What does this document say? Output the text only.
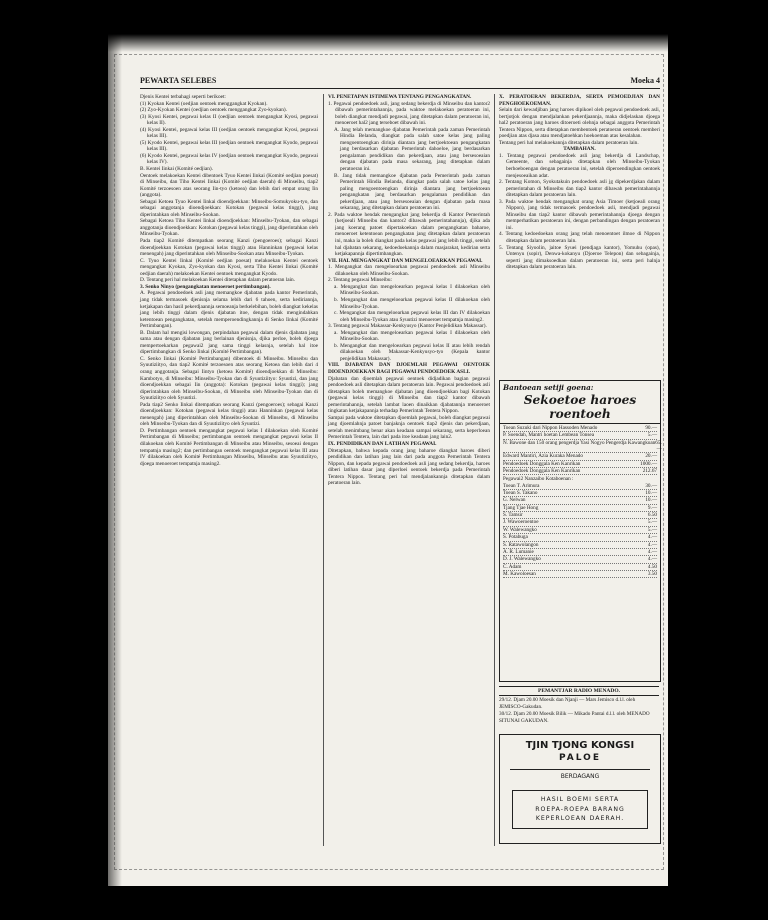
PEWARTA SELEBES	Moeka 4

Djenis Kentei terbahagi seperti berikoet:

(1) Kyokan Kentei (oedjian oentoek menggangkat Kyokan).

(2) Zyo-Kyokan Kentei (oedjian oentoek menggangkat Zyo-kyokan).

(3) Kyosi Kentei, pegawai kelas II (oedjian oentoek mengangkat Kyosi, pegawai kelas II).

(4) Kyosi Kentei, pegawai kelas III (oedjian oentoek mengangkat Kyosi, pegawai kelas III).

(5) Kyodo Kentei, pegawai kelas III (oedjian oentoek mengangkat Kyodo, pegawai kelas III).

(6) Kyodo Kentei, pegawai kelas IV (oedjian oentoek mengangkat Kyodo, pegawai kelas IV).

B. Kentei Iinkai (Komité oedjian).

Oentoek melakoekan Kentei dibentoek Tyuo Kentei Iinkai (Komité oedjian poesat) di Minseibu, dan Tiho Kentei Iinkai (Komité oedjian daerah) di Minseibu, tiap2 Komité terzoesoen atas seorang Iin-tyo (ketoea) dan lebih dari empat orang Iin (anggota).

Sebagai Ketoea Tyuo Kentei Iinkai dioendjoekkan: Minseibu-Somukyoku-tyo, dan sebagai anggotanja dioendjoekkan: Kotokan (pegawai kelas tinggi), jang diperintahkan oleh Minseibu-Sookan.

Sebagai Ketoea Tiho Kentei Iinkai dioendjoekkan: Minseibu-Tyokan, dan sebagai anggotanja dioendjoekkan: Kotokan (pegawai kelas tinggi), jang diperintahkan oleh Minseibu-Tyokan.

Pada tiap2 Komité ditempatkan seorang Kanzi (pengoeroes); sebagai Kanzi dioendjoekkan Kotokan (pegawai kelas tinggi) atau Hanninkan (pegawai kelas menengah) jang diperintahkan oleh Minseibu-Sookan atau Minseibu-Tyokan.

C. Tyuo Kentei Iinkai (Komité oedjian poesat) melakoekan Kentei oentoek mengangkat Kyokan, Zyo-kyokan dan Kyosi, serta Tiho Kentei Iinkai (Komité oedjian daerah) melakoekan Kentei oentoek mengangkat Kyodo.

D. Tentang peri hal melakoekan Kentei ditetapkan dalam peratoeran lain.

3. Senko Ninyo (pengangkatan menoeroet pertimbangan).

A. Pegawai pendoedoek asli jang memangkoe djabatan pada kantor Pemerintah, jang tidak termasoek djenisnja selama lebih dari 6 tahoen, serta kediriannja, ketjakapan dan hasil pekerdjaannja semoeanja berkelebihan, boleh diangkat kekelas jang lebih tinggi dalam djenis djabatan itoe, dengan tidak mengindahkan ketentoean pengangkatan, setelah memperoendingkannja di Senko Iinkai (Komité Pertimbangan).

B. Dalam hal mengisi lowongan, perpindahan pegawai dalam djenis djabatan jang sama atau dengan djabatan jang berlainan djenisnja, djika perloe, boleh djoega mempertoekarkan pegawai2 jang sama tinggi kelasnja, setelah hal itoe dipertimbangkan di Senko Iinkai (Komité Pertimbangan).

C. Senko Iinkai (Komité Pertimbangan) dibentoek di Minseibu. Minseibu dan Syuutiziityo, dan tiap2 Komité terzoesoen atas seorang Ketoea dan lebih dari 4 orang anggotanja. Sebagai Iintyo (ketoea Komité) dioendjoekkan di Minseibu: Kambotyo, di Minseibu: Minseibu-Tyokan dan di Syuutiziityo: Syuutizi, dan jang dioendjoekkan sebagai Iin (anggota): Kotokan (pegawai kelas tinggi); jang diperintahkan oleh Minseibu-Sookan, di Minseibu oleh Minseibu-Tyokan dan di Syuutiziityo oleh Syuutizi.

Pada tiap2 Senko Iinkai ditempatkan seorang Kanzi (pengoeroes); sebagai Kanzi dioendjoekkan: Kotokan (pegawai kelas tinggi) atau Hanninkan (pegawai kelas menengah) jang diperintahkan oleh Minseibu-Sookan di Minseibu, di Minseibu oleh Minseibu-Tyokan dan di Syuutiziityo oleh Syuutizi.

D. Pertimbangan oentoek mengangkat pegawai kelas I dilakoekan oleh Komité Pertimbangan di Minseibu; pertimbangan oentoek mengangkat pegawai kelas II dilakoekan oleh Komité Pertimbangan di Minseibu atau Minseibu, sesoeai dengan tempatnja masing2; dan pertimbangan oentoek mengangkat pegawai kelas III atau IV dilakoekan oleh Komité Pertimbangan Minseibu, Minseibu atau Syuutiziityo, djoega menoeroet tempatnja masing2.

VI. PENETAPAN ISTIMEWA TENTANG PENGANGKATAN.

1. Pegawai pendoedoek asli, jang sedang bekerdja di Minseibu dan kantor2 dibawah pemerintahannja, pada waktoe melakoekan peratoeran ini, boleh diangkat mendjadi pegawai, jang ditetapkan dalam peratoeran ini, menoeroet hal2 jang terseboet dibawah ini.

A. Jang telah memangkoe djabatan Pemerintah pada zaman Pemerintah Hindia Belanda, diangkat pada salah satoe kelas jang paling mengoentoengkan dirinja diantara jang bertjoektoean pengangkatan jang berdasarkan djabatan Pemerintah dahoeloe, jang berdasarkan pengalaman pendidikan dan pekerdjaan, atau jang bersesoeaian dengan djabatan pada masa sekarang, jang ditetapkan dalam peratoeran ini.

B. Jang tidak memangkoe djabatan pada Pemerintah pada zaman Pemerintah Hindia Belanda, diangkat pada salah satoe kelas jang paling mengoentoengkan dirinja diantara jang bertjoektoean pengangkatan jang berdasarkan pengalaman pendidikan dan pekerdjaan, atau jang bersesoeaian dengan djabatan pada masa sekarang, jang ditetapkan dalam peratoeran ini.

2. Pada waktoe hendak mengangkat jang bekerdja di Kantor Pemerintah (ketjoeali Minseibu dan kantor2 dibawah pemerintahannja), djika ada jang koerang patoet dipertakoekan dalam pengangkatan baharoe, menoeroet ketentoean pengangkatan jang ditetapkan dalam peratoeran ini, maka ia boleh diangkat pada kelas pegawai jang lebih tinggi, setelah hal djabatan sekarang, kedoedoekannja dalam masjarakat, kedirian serta ketjakapannja dipertimbangkan.

VII. HAL MENGANGKAT DAN MENGELOEARKAN PEGAWAI.

1. Mengangkat dan mengeloearkan pegawai pendoedoek asli Minseibu dilakoekan oleh Minseibu-Sookan.

2. Tentang pegawai Minseibu:

a. Mengangkat dan mengeloearkan pegawai kelas I dilakoekan oleh Minseibu-Sookan.

b. Mengangkat dan mengeloearkan pegawai kelas II dilakoekan oleh Minseibu-Tyokan.

c. Mengangkat dan mengeloearkan pegawai kelas III dan IV dilakoekan oleh Minseibu-Tyokan atau Syuutizi menoeroet tempatnja masing2.

3. Tentang pegawai Makassar-Kenkyusyo (Kantor Penjelidikan Makassar).

a. Mengangkat dan mengeloearkan pegawai kelas I dilakoekan oleh Minseibu-Sookan.

b. Mengangkat dan mengeloearkan pegawai kelas II atau lebih rendah dilakoekan oleh Makassar-Kenkyusyo-tyo (Kepala kantor penjelidikan Makassar).

VIII. DJABATAN DAN DJOEMLAH PEGAWAI OENTOEK DIOENDJOEKKAN BAGI PEGAWAI PENDOEDOEK ASLI.

Djabatan dan djoemlah pegawai oentoek didjadikan bagian pegawai pendoedoek asli ditetapkan dalam peratoeran lain. Pegawai pendoedoek asli ditetapkan boleh memangkoe djabatan jang dioendjoekkan bagi Kotokan (pegawai kelas tinggi) di Minseibu dan tiap2 kantor dibawah pemerintahannja, setelah lambat laoen dinaikkan djabatannja menoeroet tingkatan ketjakapannja terhadap Pemerintah Tentera Nippon.

Sampai pada waktoe ditetapkan djoemlah pegawai, boleh diangkat pegawai jang djoemlahnja patoet banjaknja oentoek tiap2 djenis dan pekerdjaan, setelah menimbang benar akan keadaan sampai sekarang, serta keperloean Pemerintah Tentera, lain dari pada itoe keadaan jang lain2.

IX. PENDIDIKAN DAN LATIHAN PEGAWAI.

Ditetapkan, bahwa kepada orang jang baharoe diangkat haroes diberi pendidikan dan latihan jang lain dari pada anggota Pemerintah Tentera Nippon, dan kepada pegawai pendoedoek asli jang sedang bekerdja, haroes diberi latihan dasar jang diperloei oentoek bekerdja pada Pemerintah Tentera Nippon. Tentang peri hal mendjalankannja ditetapkan dalam peratoeran lain.

X. PERATOERAN BEKERDJA, SERTA PEMOEDJIAN DAN PENGHOEKOEMAN.

Selain dari kewadjiban jang haroes dipikoel oleh pegawai pendoedoek asli, bertjotjok dengan mendjalankan pekerdjaannja, maka didjelaskan djoega hal2 peratoeran jang haroes ditoeroeti olehnja sebagai anggota Pemerintah Tentera Nippon, serta ditetapkan membentoek peratoeran oentoek memberi poedjian atas djasa atau mendjatoehkan hoekoeman atas kesalahan.

Tentang peri hal melakoekannja ditetapkan dalam peratoeran lain.

TAMBAHAN.

1. Tentang pegawai pendoedoek asli jang bekerdja di Landschap, Gemeente, dan sebagainja ditetapkan oleh Minseibu-Tyokan berhoeboengan dengan peratoeran ini, setelah diperoendingkan oentoek menjesoeaikan adat.

2. Tentang Komon, Syokutakuin pendoedoek asli jg dipekerdjakan dalam pemerintahan di Minseibu dan tiap2 kantor dibawah pemerintahannja ditetapkan dalam peratoeran lain.

3. Pada waktoe hendak mengangkat orang Asia Timoer (ketjoeali orang Nippon), jang tidak termasoek pendoedoek asli, mendjadi pegawai Minseibu dan tiap2 kantor dibawah pemerintahannja djoega dengan memperhatikan peratoeran ini, dengan perbandingan dengan peratoeran ini.

4. Tentang kedoedoekan orang jang telah menoentoet ilmoe di Nippon ditetapkan dalam peratoeran lain.

5. Tentang Siyoolin, jaitoe Syuei (pendjaga kantor), Yomuhu (opas), Untenyu (sopir), Denwa-kokanyu (Djoeroe Telepon) dan sebagainja, seperti jang dimaksoedkan dalam peratoeran ini, serta peri halnja ditetapkan dalam peratoeran lain.

Bantoean setiji goena:
Sekoetoe haroes roentoeh
Toean Suzuki dari Nippon Hassoden Menado	90.—
P. Soendah, Mantri hoetan Lembean Tonsea	5.—
N. Bawone dan 150 orang pengerdja Yasi Nogyo Pengerdja Kawangkoan 65.—
Edward Mantiri, Azia Kuraka Menado	20.—
Pendoedoek Donggala Ken Kanrikan	1000.—
Pendoedoek Donggala Ken Kanrikan	212.67
Pegawai2 Nanzaibo Kotaboenan :
Toean T. Arimura	30.—
Toean S. Takano	10.—
G. Nelwan	10.—
Tjang Tjae Hong	9.—
S. Tamsir	6.50
J. Wawoeroentoe	5.—
W. Walewangko	5.—
S. Potabuga	4.—
S. Ratawolangon	4.—
A. R. Lumanie	4.—
D. J. Walewangko	4.—
C. Adam	4.50
M. Kawoloesan	3.50
PEMANTJAR RADIO MENADO.

29/12. Djam 20.00 Moesik dan Njanji — Mars Jemisco d.l.l. oleh JEMISCO-Gakudan.

30/12. Djam 20.00 Moesik Bilik — Mikado Pantai d.l.l. oleh MENADO SITUNAI GAKUDAN.

TJIN TJONG KONGSI
PALOE
$^{BERDAGANG}$
HASIL BOEMI SERTA
ROEPA-ROEPA BARANG
KEPERLOEAN DAERAH.
